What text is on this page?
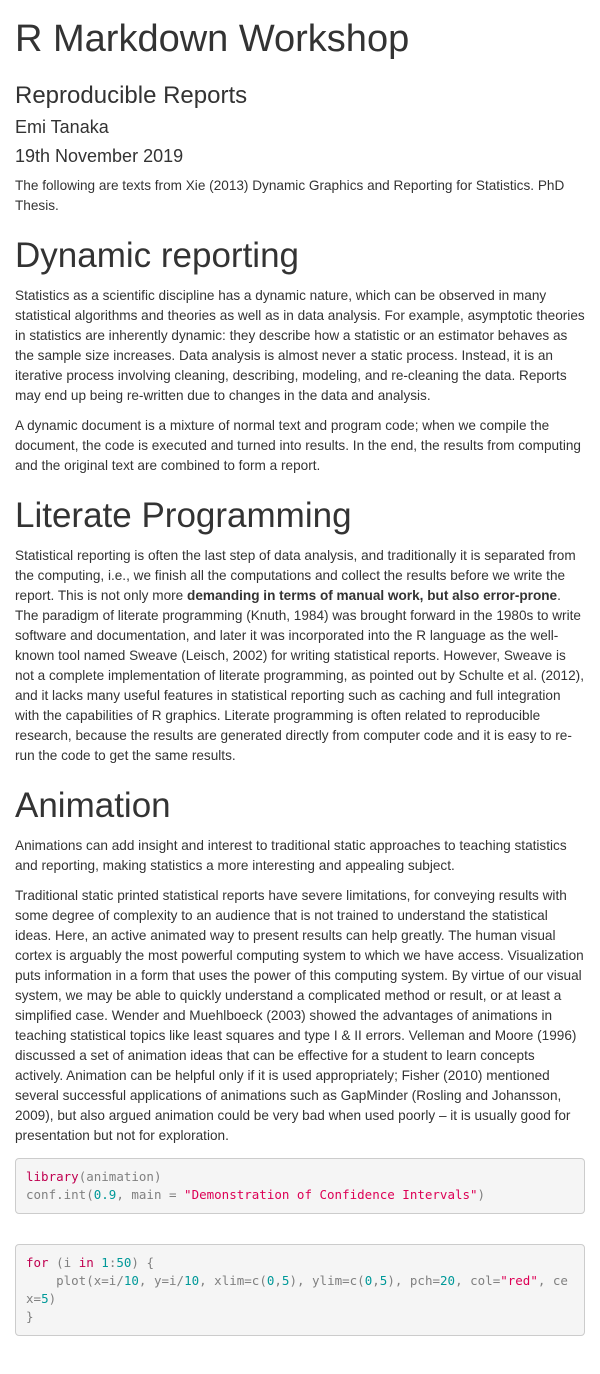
R Markdown Workshop
Reproducible Reports
Emi Tanaka
19th November 2019

The following are texts from Xie (2013) Dynamic Graphics and Reporting for Statistics. PhD Thesis.

Dynamic reporting

Statistics as a scientific discipline has a dynamic nature, which can be observed in many statistical algorithms and theories as well as in data analysis. For example, asymptotic theories in statistics are inherently dynamic: they describe how a statistic or an estimator behaves as the sample size increases. Data analysis is almost never a static process. Instead, it is an iterative process involving cleaning, describing, modeling, and re-cleaning the data. Reports may end up being re-written due to changes in the data and analysis.

A dynamic document is a mixture of normal text and program code; when we compile the document, the code is executed and turned into results. In the end, the results from computing and the original text are combined to form a report.

Literate Programming

Statistical reporting is often the last step of data analysis, and traditionally it is separated from the computing, i.e., we finish all the computations and collect the results before we write the report. This is not only more demanding in terms of manual work, but also error-prone. The paradigm of literate programming (Knuth, 1984) was brought forward in the 1980s to write software and documentation, and later it was incorporated into the R language as the well-known tool named Sweave (Leisch, 2002) for writing statistical reports. However, Sweave is not a complete implementation of literate programming, as pointed out by Schulte et al. (2012), and it lacks many useful features in statistical reporting such as caching and full integration with the capabilities of R graphics. Literate programming is often related to reproducible research, because the results are generated directly from computer code and it is easy to re-run the code to get the same results.

Animation

Animations can add insight and interest to traditional static approaches to teaching statistics and reporting, making statistics a more interesting and appealing subject.

Traditional static printed statistical reports have severe limitations, for conveying results with some degree of complexity to an audience that is not trained to understand the statistical ideas. Here, an active animated way to present results can help greatly. The human visual cortex is arguably the most powerful computing system to which we have access. Visualization puts information in a form that uses the power of this computing system. By virtue of our visual system, we may be able to quickly understand a complicated method or result, or at least a simplified case. Wender and Muehlboeck (2003) showed the advantages of animations in teaching statistical topics like least squares and type I & II errors. Velleman and Moore (1996) discussed a set of animation ideas that can be effective for a student to learn concepts actively. Animation can be helpful only if it is used appropriately; Fisher (2010) mentioned several successful applications of animations such as GapMinder (Rosling and Johansson, 2009), but also argued animation could be very bad when used poorly – it is usually good for presentation but not for exploration.

library(animation)
conf.int(0.9, main = "Demonstration of Confidence Intervals")
for (i in 1:50) {
plot(x=i/10, y=i/10, xlim=c(0,5), ylim=c(0,5), pch=20, col="red", cex=5)
}
